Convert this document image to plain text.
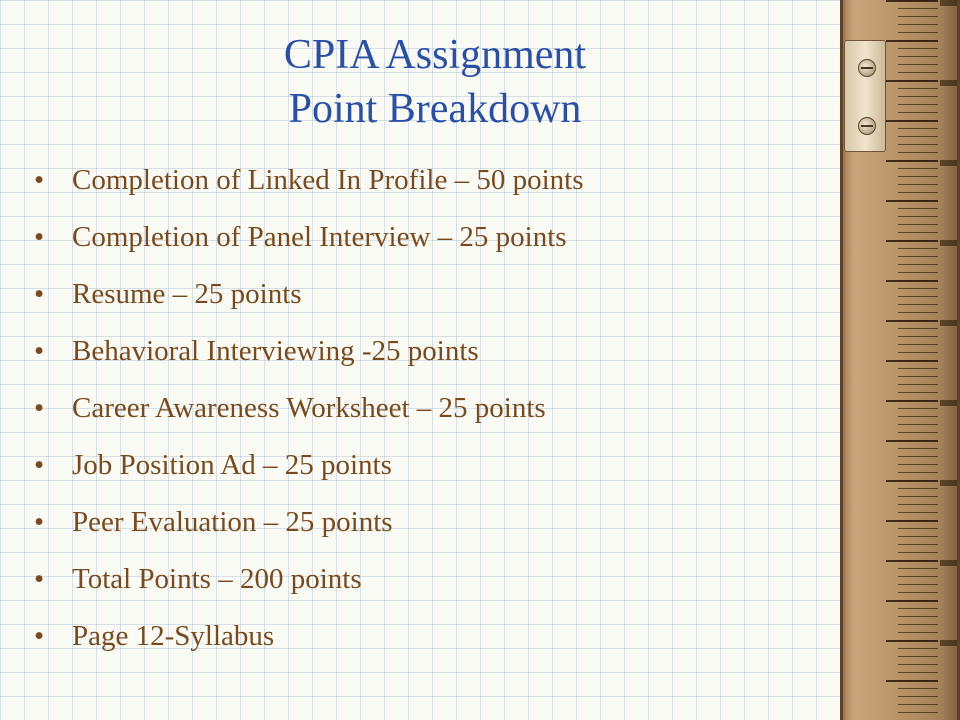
CPIA Assignment
Point Breakdown
• Completion of Linked In Profile – 50 points
• Completion of Panel Interview – 25 points
• Resume – 25 points
• Behavioral Interviewing -25 points
• Career Awareness Worksheet – 25 points
• Job Position Ad – 25 points
• Peer Evaluation – 25 points
• Total Points – 200 points
• Page 12-Syllabus
